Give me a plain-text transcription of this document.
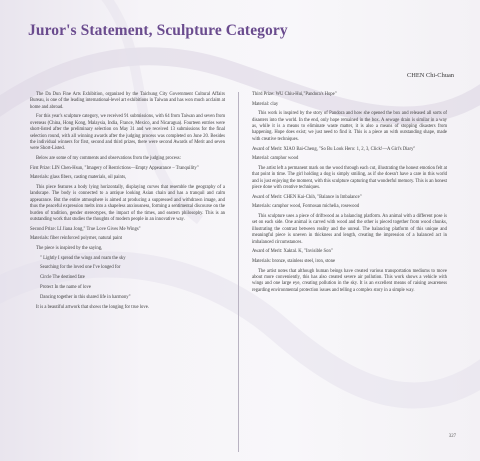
Juror's Statement, Sculpture Category
CHEN Chi-Chuan

The Da Dun Fine Arts Exhibition, organized by the Taichung City Government Cultural Affairs Bureau, is one of the leading international-level art exhibitions in Taiwan and has won much acclaim at home and abroad.

For this year's sculpture category, we received 91 submissions, with 64 from Taiwan and seven from overseas (China, Hong Kong, Malaysia, India, France, Mexico, and Nicaragua). Fourteen entries were short-listed after the preliminary selection on May 31 and we received 13 submissions for the final selection round, with all winning awards after the judging process was completed on June 20. Besides the individual winners for first, second and third prizes, there were second Awards of Merit and seven were Short-Listed.

Below are some of my comments and observations from the judging process:

First Prize: LIN Chen-Hsun, "Imagery of Restrictions—Empty Appearance – Tranquility"

Materials: glass fibers, casting materials, oil paints,

This piece features a body lying horizontally, displaying curves that resemble the geography of a landscape. The body is connected to a antique looking Asian chain and has a tranquil and calm appearance. But the entire atmosphere is aimed at producing a suppressed and withdrawn image, and thus the peaceful expression melts into a shapeless anxiousness, forming a sentimental discourse on the burden of tradition, gender stereotypes, the impact of the times, and eastern philosophy. This is an outstanding work that studies the thoughts of modern people in an innovative way.

Second Prize: LI Jiana Jong," True Love Gives Me Wings"

Materials: fiber reinforced polymer, natural paint

The piece is inspired by the saying,

" Lightly I spread the wings and roam the sky

Searching for the loved one I've longed for

Circle The destined fate

Protect In the name of love

Dancing together in this shared life in harmony"

It is a beautiful artwork that shows the longing for true love.

Third Prize: WU Chiu-Hui,"Pandora's Hope"

Material: clay

This work is inspired by the story of Pandora and how she opened the box and released all sorts of disasters into the world. In the end, only hope remained in the box. A sewage drain is similar in a way as, while it is a means to eliminate waste matter, it is also a means of stopping disasters from happening. Hope does exist; we just need to find it. This is a piece an with outstanding shape, made with creative techniques.

Award of Merit: XIAO Bai-Cheng, "So Bu Look Hero: 1, 2, 3, Click!—A Girl's Diary"

Material: camphor wood

The artist left a permanent mark on the wood through each cut, illustrating the honest emotion felt at that point in time. The girl holding a dog is simply smiling, as if she doesn't have a care in this world and is just enjoying the moment, with this sculpture capturing that wonderful memory. This is an honest piece done with creative techniques.

Award of Merit: CHEN Kai-Chih, "Balance in Imbalance"

Materials: camphor wood, Formosan michelia, rosewood

This sculpture uses a piece of driftwood as a balancing platform. An animal with a different pose is set on each side. One animal is carved with wood and the other is pieced together from wood chunks, illustrating the contrast between reality and the unreal. The balancing platform of this unique and meaningful piece is uneven in thickness and length, creating the impression of a balanced act in imbalanced circumstances.

Award of Merit: Xaktal. K, "Invisible Son"

Materials: bronze, stainless steel, iron, stone

The artist notes that although human beings have created various transportation mediums to move about more conveniently, this has also created severe air pollution. This work shows a vehicle with wings and one large eye, creating pollution in the sky. It is an excellent means of raising awareness regarding environmental protection issues and telling a complex story in a simple way.

327
